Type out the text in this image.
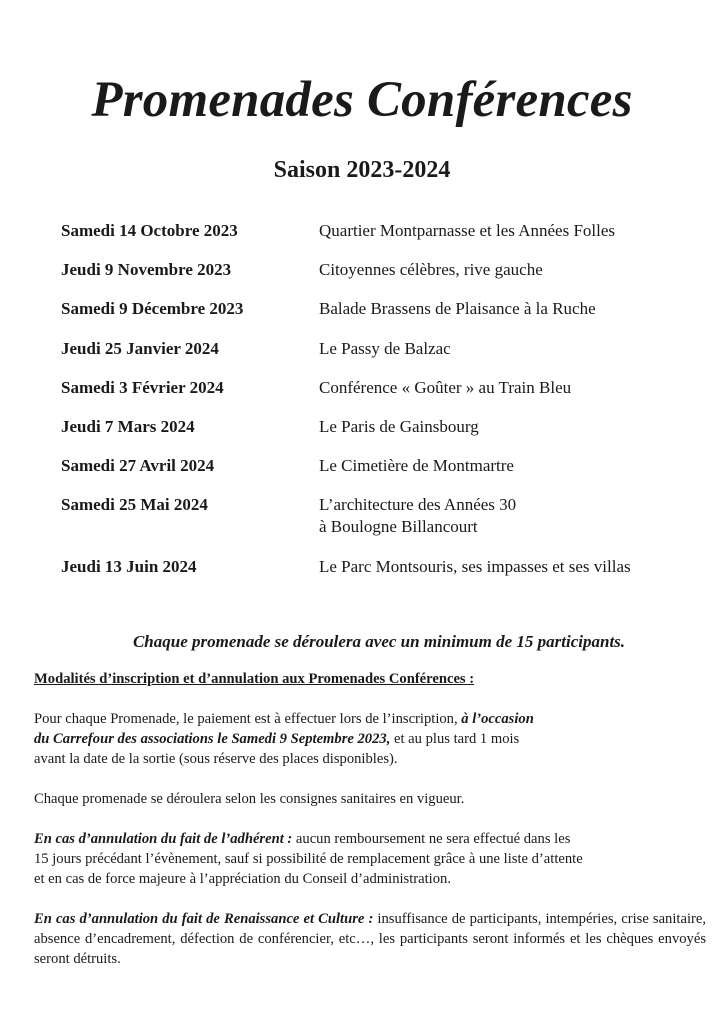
Promenades Conférences
Saison 2023-2024
Samedi 14 Octobre 2023	Quartier Montparnasse et les Années Folles
Jeudi 9 Novembre 2023	Citoyennes célèbres, rive gauche
Samedi 9 Décembre 2023	Balade Brassens de Plaisance à la Ruche
Jeudi 25 Janvier 2024	Le Passy de Balzac
Samedi 3 Février 2024	Conférence « Goûter » au Train Bleu
Jeudi 7 Mars 2024	Le Paris de Gainsbourg
Samedi 27 Avril 2024	Le Cimetière de Montmartre
Samedi 25 Mai 2024	L’architecture des Années 30
à Boulogne Billancourt
Jeudi 13 Juin 2024	Le Parc Montsouris, ses impasses et ses villas
Chaque promenade se déroulera avec un minimum de 15 participants.
Modalités d’inscription et d’annulation aux Promenades Conférences :
Pour chaque Promenade, le paiement est à effectuer lors de l’inscription, à l’occasion
du Carrefour des associations le Samedi 9 Septembre 2023, et au plus tard 1 mois
avant la date de la sortie (sous réserve des places disponibles).
Chaque promenade se déroulera selon les consignes sanitaires en vigueur.
En cas d’annulation du fait de l’adhérent : aucun remboursement ne sera effectué dans les
15 jours précédant l’évènement, sauf si possibilité de remplacement grâce à une liste d’attente
et en cas de force majeure à l’appréciation du Conseil d’administration.
En cas d’annulation du fait de Renaissance et Culture : insuffisance de participants, intempéries, crise sanitaire, absence d’encadrement, défection de conférencier, etc…, les participants seront informés et les chèques envoyés seront détruits.
